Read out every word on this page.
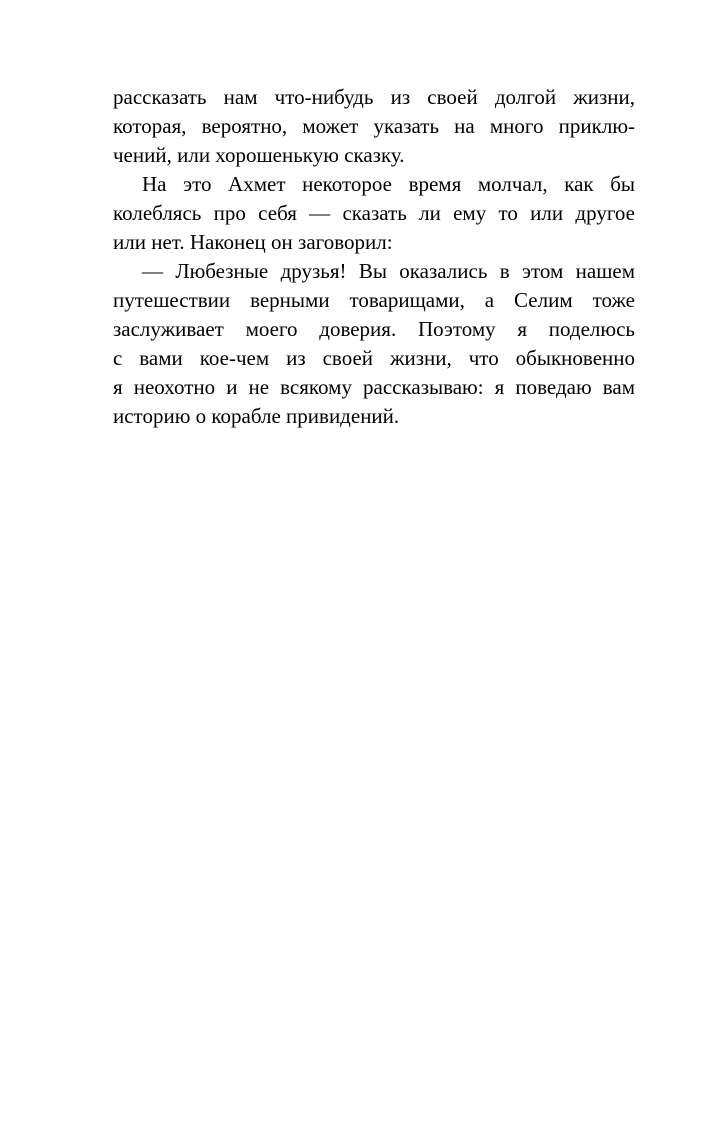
рассказать нам что-нибудь из своей долгой жизни,
которая, вероятно, может указать на много приклю-
чений, или хорошенькую сказку.
На это Ахмет некоторое время молчал, как бы
колеблясь про себя — сказать ли ему то или другое
или нет. Наконец он заговорил:
— Любезные друзья! Вы оказались в этом нашем
путешествии верными товарищами, а Селим тоже
заслуживает моего доверия. Поэтому я поделюсь
с вами кое-чем из своей жизни, что обыкновенно
я неохотно и не всякому рассказываю: я поведаю вам
историю о корабле привидений.
